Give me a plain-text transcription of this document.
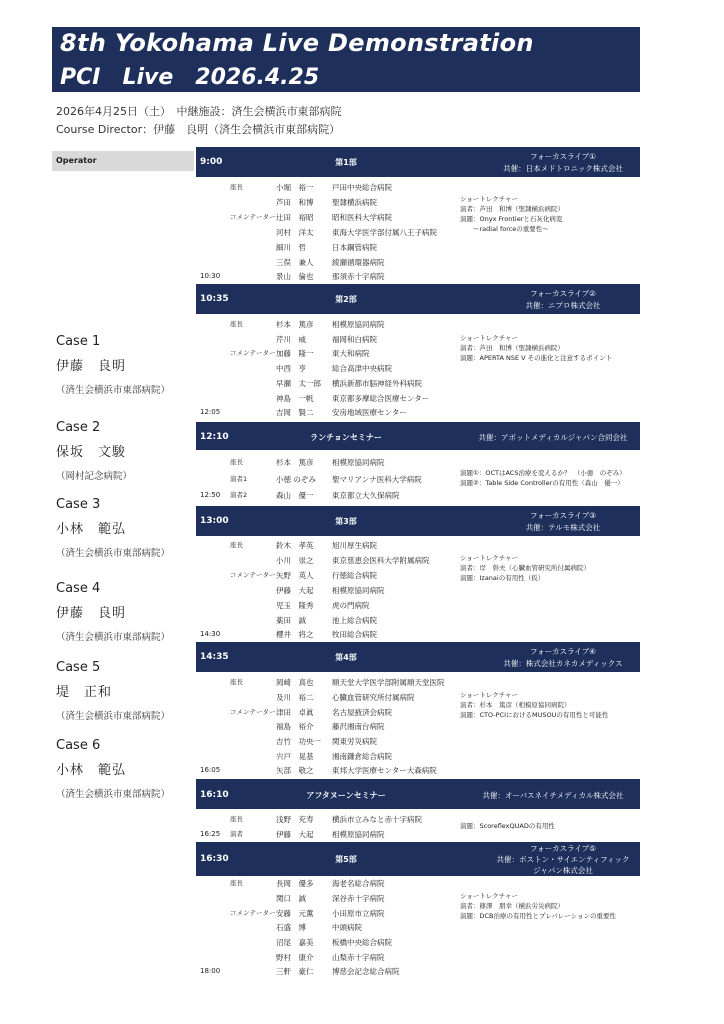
8th Yokohama Live Demonstration
PCI　Live　2026.4.25
2026年4月25日（土）　中継施設：済生会横浜市東部病院
Course Director：伊藤　良明（済生会横浜市東部病院）
Operator
Case 1
伊藤　良明
（済生会横浜市東部病院）
Case 2
保坂　文駿
（岡村記念病院）
Case 3
小林　範弘
（済生会横浜市東部病院）
Case 4
伊藤　良明
（済生会横浜市東部病院）
Case 5
堤　正和
（済生会横浜市東部病院）
Case 6
小林　範弘
（済生会横浜市東部病院）
9:00	第1部
フォーカスライブ①
共催：日本メドトロニック株式会社
座長	小堀　裕一 戸田中央総合病院
芦田　和博 聖隷横浜病院
コメンテーター 辻田　裕昭 昭和医科大学病院
河村　洋太 東海大学医学部付属八王子病院
細川　哲	日本鋼管病院
三俣　兼人 綾瀬循環器病院
景山　倫也 那須赤十字病院
10:30
ショートレクチャー
演者：芦田　和博（聖隷横浜病院）
演題：Onyx Frontierと石灰化病変
　　～radial forceの重要性～
10:35	第2部
フォーカスライブ②
共催：ニプロ株式会社
座長	杉本　篤彦 相模原協同病院
芹川　威	福岡和白病院
コメンテーター 加藤　隆一 東大和病院
中西　亨	総合高津中央病院
早瀬　太一郎 横浜新都市脳神経外科病院
神島　一帆 東京都多摩総合医療センター
吉岡　賢二 安房地域医療センター
12:05
ショートレクチャー
演者：芦田　和博（聖隷横浜病院）
演題：APERTA NSE V その進化と注意するポイント
12:10	ランチョンセミナー	共催：アボットメディカルジャパン合同会社
座長	杉本　篤彦 相模原協同病院
演者1	小徳 のぞみ 聖マリアンナ医科大学病院
演者2	森山　優一 東京都立大久保病院
12:50
演題①：OCTはACS治療を変えるか？　（小徳　のぞみ）
演題②：Table Side Controllerの有用性（森山　優一）
13:00	第3部
フォーカスライブ③
共催：テルモ株式会社
座長	鈴木　孝英 旭川厚生病院
小川　崇之 東京慈恵会医科大学附属病院
コメンテーター 矢野　英人 行徳総合病院
伊藤　大起 相模原協同病院
児玉　隆秀 虎の門病院
薬田　誠	池上総合病院
櫻井　将之 牧田総合病院
14:30
ショートレクチャー
演者：岸　幹夫（心臓血管研究所付属病院）
演題：Izanaiの有用性（仮）
14:35	第4部
フォーカスライブ④
共催：株式会社カネカメディックス
座長	岡崎　真也 順天堂大学医学部附属順天堂医院
及川　裕二 心臓血管研究所付属病院
コメンテーター 津田　卓眞 名古屋掖済会病院
福島　裕介 藤沢湘南台病院
吉竹　功央一 関東労災病院
宍戸　晃基 湘南鎌倉総合病院
矢部　敬之 東邦大学医療センター大森病院
16:05
ショートレクチャー
演者：杉本　篤彦（相模原協同病院）
演題：CTO-PCIにおけるMUSOUの有用性と可能性
16:10	アフタヌーンセミナー	共催：オーバスネイチメディカル株式会社
座長	浅野　充寿 横浜市立みなと赤十字病院
演者	伊藤　大起 相模原協同病院
16:25
演題：ScoreflexQUADの有用性
16:30	第5部
フォーカスライブ⑤
共催：ボストン・サイエンティフィック
ジャパン株式会社
座長	長岡　優多 海老名総合病院
関口　誠	深谷赤十字病院
コメンテーター 安藤　元薫 小田原市立病院
石盛　博	中頭病院
沼尾　嘉美 板橋中央総合病院
野村　康介 山梨赤十字病院
三軒　豪仁 博慈会記念総合病院
18:00
ショートレクチャー
演者：篠澤　朋幸（横浜労災病院）
演題：DCB治療の有用性とプレパレーションの重要性
